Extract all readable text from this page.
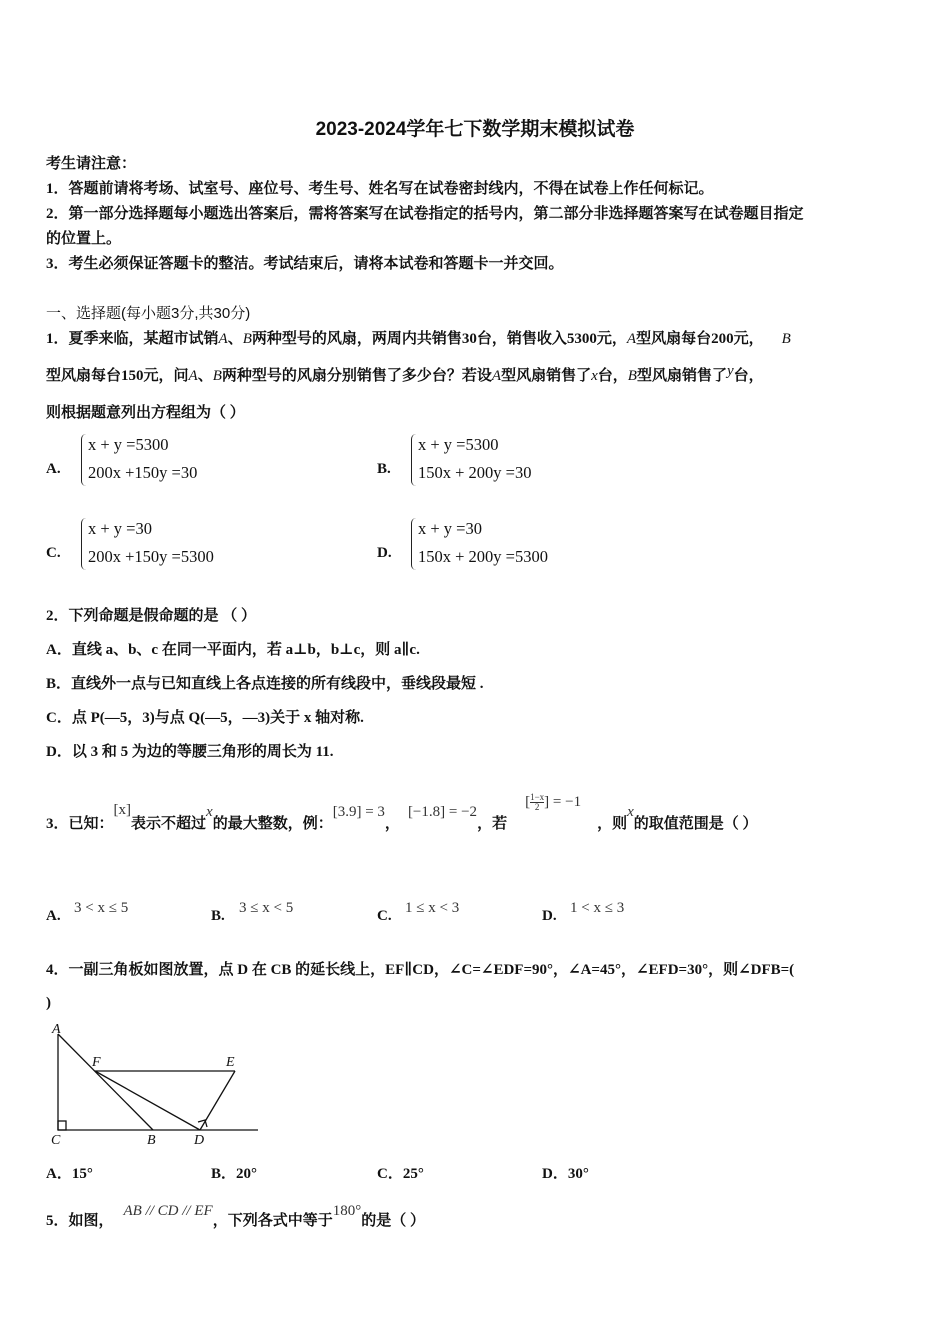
2023-2024学年七下数学期末模拟试卷
考生请注意：
1．答题前请将考场、试室号、座位号、考生号、姓名写在试卷密封线内，不得在试卷上作任何标记。
2．第一部分选择题每小题选出答案后，需将答案写在试卷指定的括号内，第二部分非选择题答案写在试卷题目指定
的位置上。
3．考生必须保证答题卡的整洁。考试结束后，请将本试卷和答题卡一并交回。
一、选择题(每小题3分,共30分)
1．夏季来临，某超市试销A、B两种型号的风扇，两周内共销售30台，销售收入5300元，A型风扇每台200元， B
型风扇每台150元，问A、B两种型号的风扇分别销售了多少台？若设A型风扇销售了x台，B型风扇销售了y台，
则根据题意列出方程组为（ ）
A.
x + y =5300
200x +150y =30	B.
x + y =5300
150x + 200y =30
C.
x + y =30
200x +150y =5300	D.
x + y =30
150x + 200y =5300
2．下列命题是假命题的是 （ ）
A．直线 a、b、c 在同一平面内，若 a⊥b，b⊥c，则 a∥c.
B．直线外一点与已知直线上各点连接的所有线段中，垂线段最短 .
C．点 P(—5，3)与点 Q(—5，—3)关于 x 轴对称.
D．以 3 和 5 为边的等腰三角形的周长为 11.
3．已知：[x]表示不超过x的最大整数，例：[3.9] = 3，[−1.8] = −2，若[ $\frac{1-x}{2}$ ] = −1，则x的取值范围是（ ）
A. 3 < x ≤ 5	B. 3 ≤ x < 5	C. 1 ≤ x < 3	D. 1 < x ≤ 3
4．一副三角板如图放置，点 D 在 CB 的延长线上，EF∥CD，∠C=∠EDF=90°，∠A=45°，∠EFD=30°，则∠DFB=(
)
A
F	E
C	B	D
A．15°	B．20°	C．25°	D．30°
5．如图，AB // CD // EF，下列各式中等于180°的是（ ）
